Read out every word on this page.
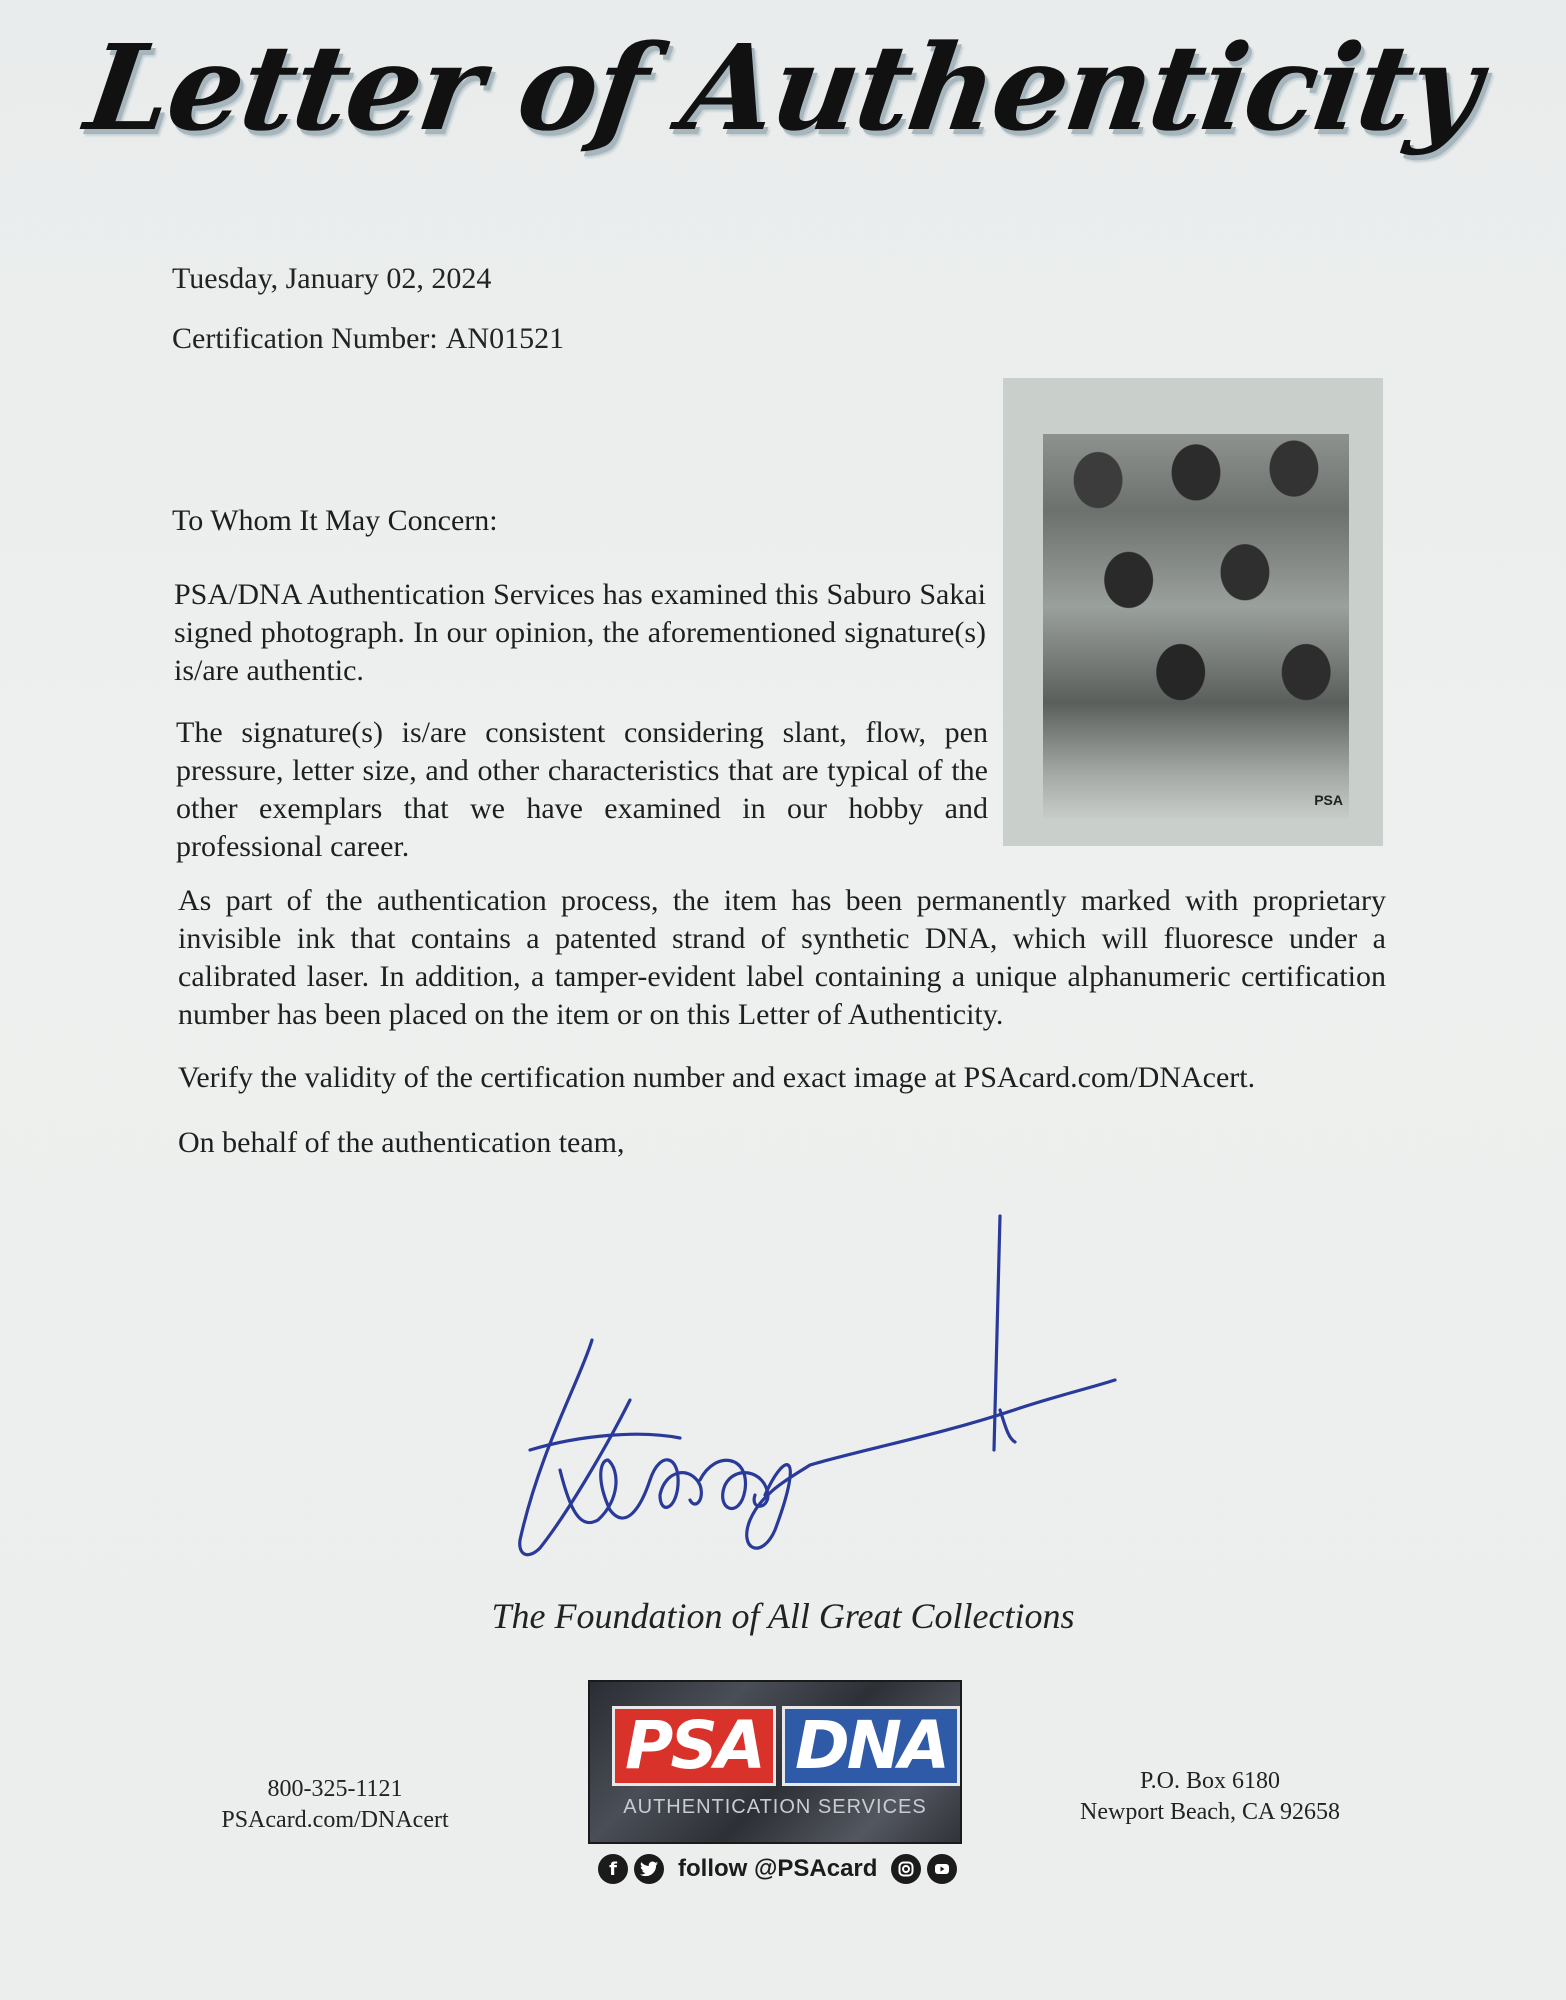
Letter of Authenticity
Tuesday, January 02, 2024
Certification Number: AN01521
PSA
To Whom It May Concern:

PSA/DNA Authentication Services has examined this Saburo Sakai signed photograph. In our opinion, the aforementioned signature(s) is/are authentic.

The signature(s) is/are consistent considering slant, flow, pen pressure, letter size, and other characteristics that are typical of the other exemplars that we have examined in our hobby and professional career.

As part of the authentication process, the item has been permanently marked with proprietary invisible ink that contains a patented strand of synthetic DNA, which will fluoresce under a calibrated laser. In addition, a tamper-evident label containing a unique alphanumeric certification number has been placed on the item or on this Letter of Authenticity.

Verify the validity of the certification number and exact image at PSAcard.com/DNAcert.

On behalf of the authentication team,

The Foundation of All Great Collections
800-325-1121
PSAcard.com/DNAcert
PSA DNA
AUTHENTICATION SERVICES
P.O. Box 6180
Newport Beach, CA 92658
f	follow @PSAcard
